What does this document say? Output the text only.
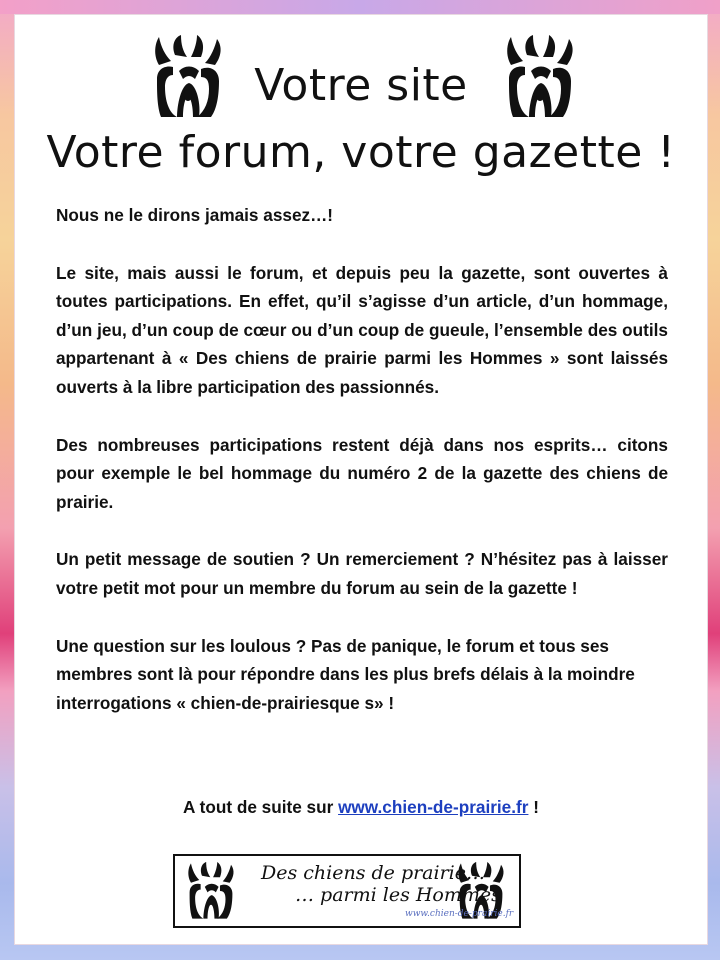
Votre site
Votre forum, votre gazette !

Nous ne le dirons jamais assez…!

Le site, mais aussi le forum, et depuis peu la gazette, sont ouvertes à toutes participations. En effet, qu’il s’agisse d’un article, d’un hommage, d’un jeu, d’un coup de cœur ou d’un coup de gueule, l’ensemble des outils appartenant à « Des chiens de prairie parmi les Hommes » sont laissés ouverts à la libre participation des passionnés.

Des nombreuses participations restent déjà dans nos esprits… citons pour exemple le bel hommage du numéro 2 de la gazette des chiens de prairie.

Un petit message de soutien ? Un remerciement ? N’hésitez pas à laisser votre petit mot pour un membre du forum au sein de la gazette !

Une question sur les loulous ? Pas de panique, le forum et tous ses membres sont là pour répondre dans les plus brefs délais à la moindre interrogations « chien-de-prairiesque s» !

A tout de suite sur www.chien-de-prairie.fr !
Des chiens de prairie…
… parmi les Hommes
www.chien-de-prairie.fr
